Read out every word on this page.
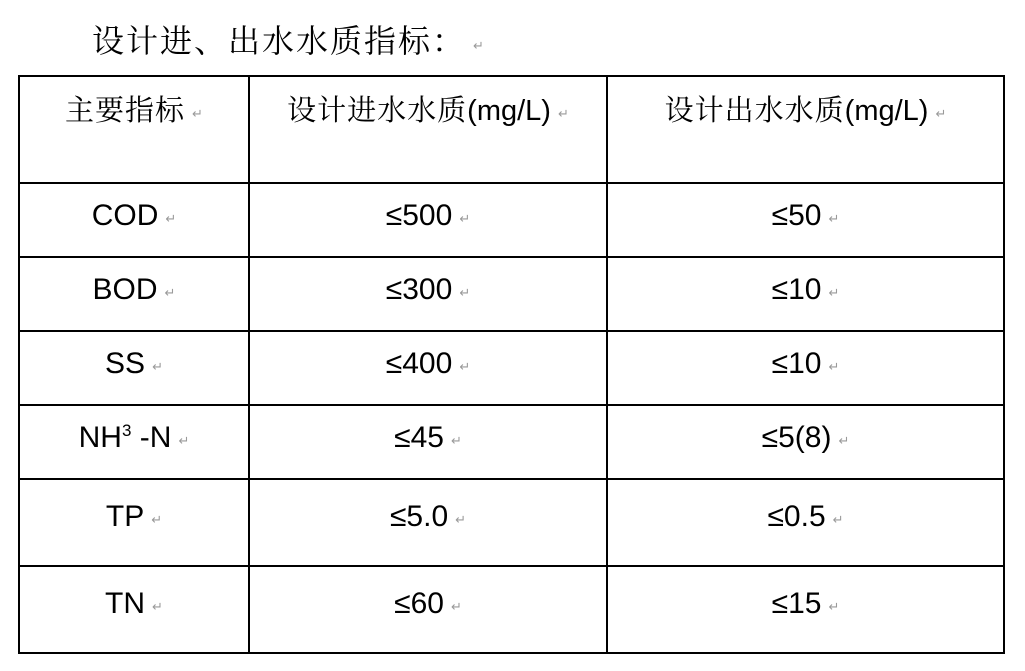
设计进、出水水质指标： ↵
主要指标 ↵	设计进水水质(mg/L) ↵	设计出水水质(mg/L) ↵
COD ↵	≤500 ↵	≤50 ↵
BOD ↵	≤300 ↵	≤10 ↵
SS ↵	≤400 ↵	≤10 ↵
$NH^3$ -N ↵	≤45 ↵	≤5(8) ↵
TP ↵	≤5.0 ↵	≤0.5 ↵
TN ↵	≤60 ↵	≤15 ↵
